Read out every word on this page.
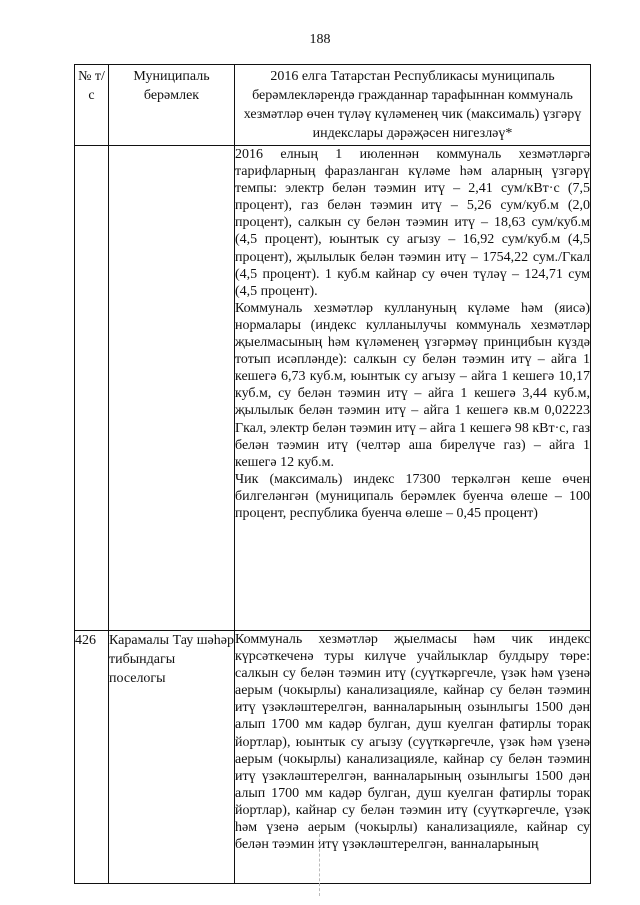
188
№ т/с	Муниципаль берәмлек	2016 елга Татарстан Республикасы муниципаль берәмлекләрендә гражданнар тарафыннан коммуналь хезмәтләр өчен түләү күләменең чик (максималь) үзгәрү индекслары дәрәҗәсен нигезләү*

		2016 елның 1 июленнән коммуналь хезмәтләргә тарифларның фаразланган күләме һәм аларның үзгәрү темпы: электр белән тәэмин итү – 2,41 сум/кВт·с (7,5 процент), газ белән тәэмин итү – 5,26 сум/куб.м (2,0 процент), салкын су белән тәэмин итү – 18,63 сум/куб.м (4,5 процент), юынтык су агызу – 16,92 сум/куб.м (4,5 процент), җылылык белән тәэмин итү – 1754,22 сум./Гкал (4,5 процент). 1 куб.м кайнар су өчен түләү – 124,71 сум (4,5 процент).

Коммуналь хезмәтләр куллануның күләме һәм (яисә) нормалары (индекс кулланылучы коммуналь хезмәтләр җыелмасының һәм күләменең үзгәрмәү принцибын күздә тотып исәпләнде): салкын су белән тәэмин итү – айга 1 кешегә 6,73 куб.м, юынтык су агызу – айга 1 кешегә 10,17 куб.м, су белән тәэмин итү – айга 1 кешегә 3,44 куб.м, җылылык белән тәэмин итү – айга 1 кешегә кв.м 0,02223 Гкал, электр белән тәэмин итү – айга 1 кешегә 98 кВт·с, газ белән тәэмин итү (челтәр аша бирелүче газ) – айга 1 кешегә 12 куб.м.

Чик (максималь) индекс 17300 теркәлгән кеше өчен билгеләнгән (муниципаль берәмлек буенча өлеше – 100 процент, республика буенча өлеше – 0,45 процент)

426	Карамалы Тау шәһәр тибындагы поселогы	Коммуналь хезмәтләр җыелмасы һәм чик индекс күрсәткеченә туры килүче учайлыклар булдыру төре: салкын су белән тәэмин итү (суүткәргечле, үзәк һәм үзенә аерым (чокырлы) канализацияле, кайнар су белән тәэмин итү үзәкләштерелгән, ванналарының озынлыгы 1500 дән алып 1700 мм кадәр булган, душ куелган фатирлы торак йортлар), юынтык су агызу (суүткәргечле, үзәк һәм үзенә аерым (чокырлы) канализацияле, кайнар су белән тәэмин итү үзәкләштерелгән, ванналарының озынлыгы 1500 дән алып 1700 мм кадәр булган, душ куелган фатирлы торак йортлар), кайнар су белән тәэмин итү (суүткәргечле, үзәк һәм үзенә аерым (чокырлы) канализацияле, кайнар су белән тәэмин итү үзәкләштерелгән, ванналарының
